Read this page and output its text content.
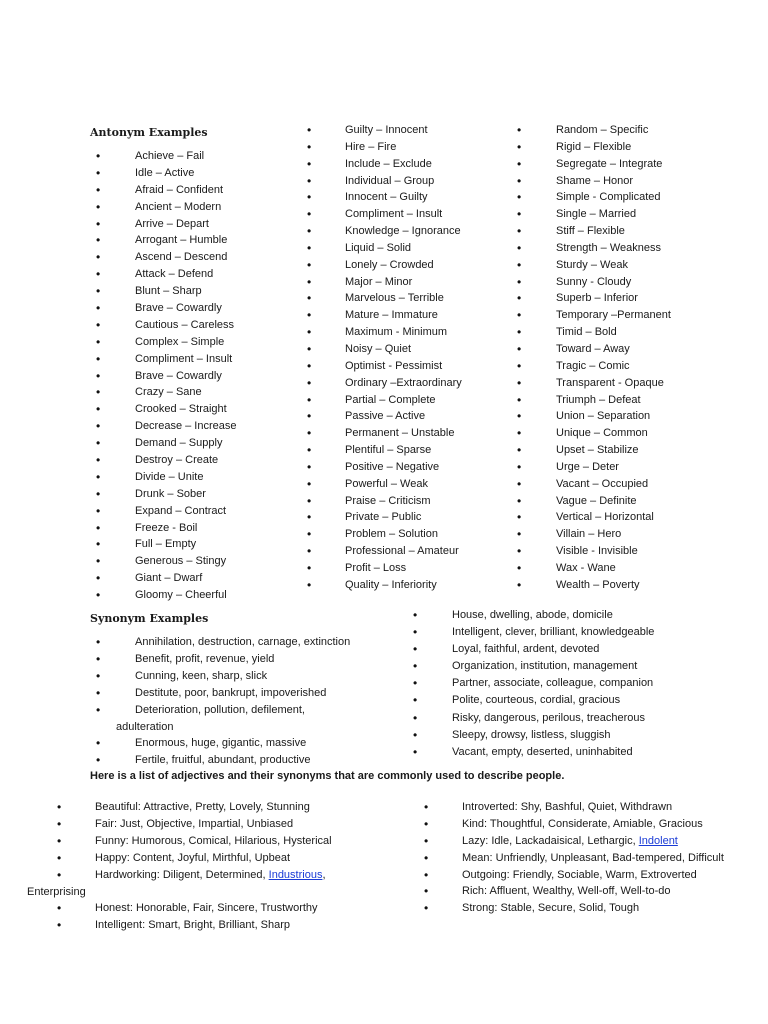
Antonym Examples
• Achieve – Fail
• Idle – Active
• Afraid – Confident
• Ancient – Modern
• Arrive – Depart
• Arrogant – Humble
• Ascend – Descend
• Attack – Defend
• Blunt – Sharp
• Brave – Cowardly
• Cautious – Careless
• Complex – Simple
• Compliment – Insult
• Brave – Cowardly
• Crazy – Sane
• Crooked – Straight
• Decrease – Increase
• Demand – Supply
• Destroy – Create
• Divide – Unite
• Drunk – Sober
• Expand – Contract
• Freeze - Boil
• Full – Empty
• Generous – Stingy
• Giant – Dwarf
• Gloomy – Cheerful
• Guilty – Innocent
• Hire – Fire
• Include – Exclude
• Individual – Group
• Innocent – Guilty
• Compliment – Insult
• Knowledge – Ignorance
• Liquid – Solid
• Lonely – Crowded
• Major – Minor
• Marvelous – Terrible
• Mature – Immature
• Maximum - Minimum
• Noisy – Quiet
• Optimist - Pessimist
• Ordinary –Extraordinary
• Partial – Complete
• Passive – Active
• Permanent – Unstable
• Plentiful – Sparse
• Positive – Negative
• Powerful – Weak
• Praise – Criticism
• Private – Public
• Problem – Solution
• Professional – Amateur
• Profit – Loss
• Quality – Inferiority
• Random – Specific
• Rigid – Flexible
• Segregate – Integrate
• Shame – Honor
• Simple - Complicated
• Single – Married
• Stiff – Flexible
• Strength – Weakness
• Sturdy – Weak
• Sunny - Cloudy
• Superb – Inferior
• Temporary –Permanent
• Timid – Bold
• Toward – Away
• Tragic – Comic
• Transparent - Opaque
• Triumph – Defeat
• Union – Separation
• Unique – Common
• Upset – Stabilize
• Urge – Deter
• Vacant – Occupied
• Vague – Definite
• Vertical – Horizontal
• Villain – Hero
• Visible - Invisible
• Wax - Wane
• Wealth – Poverty
Synonym Examples
• Annihilation, destruction, carnage, extinction
• Benefit, profit, revenue, yield
• Cunning, keen, sharp, slick
• Destitute, poor, bankrupt, impoverished
• Deterioration, pollution, defilement,
adulteration
• Enormous, huge, gigantic, massive
• Fertile, fruitful, abundant, productive
• House, dwelling, abode, domicile
• Intelligent, clever, brilliant, knowledgeable
• Loyal, faithful, ardent, devoted
• Organization, institution, management
• Partner, associate, colleague, companion
• Polite, courteous, cordial, gracious
• Risky, dangerous, perilous, treacherous
• Sleepy, drowsy, listless, sluggish
• Vacant, empty, deserted, uninhabited
Here is a list of adjectives and their synonyms that are commonly used to describe people.
• Beautiful: Attractive, Pretty, Lovely, Stunning
• Fair: Just, Objective, Impartial, Unbiased
• Funny: Humorous, Comical, Hilarious, Hysterical
• Happy: Content, Joyful, Mirthful, Upbeat
• Hardworking: Diligent, Determined, Industrious,
Enterprising
• Honest: Honorable, Fair, Sincere, Trustworthy
• Intelligent: Smart, Bright, Brilliant, Sharp
• Introverted: Shy, Bashful, Quiet, Withdrawn
• Kind: Thoughtful, Considerate, Amiable, Gracious
• Lazy: Idle, Lackadaisical, Lethargic, Indolent
• Mean: Unfriendly, Unpleasant, Bad-tempered, Difficult
• Outgoing: Friendly, Sociable, Warm, Extroverted
• Rich: Affluent, Wealthy, Well-off, Well-to-do
• Strong: Stable, Secure, Solid, Tough
